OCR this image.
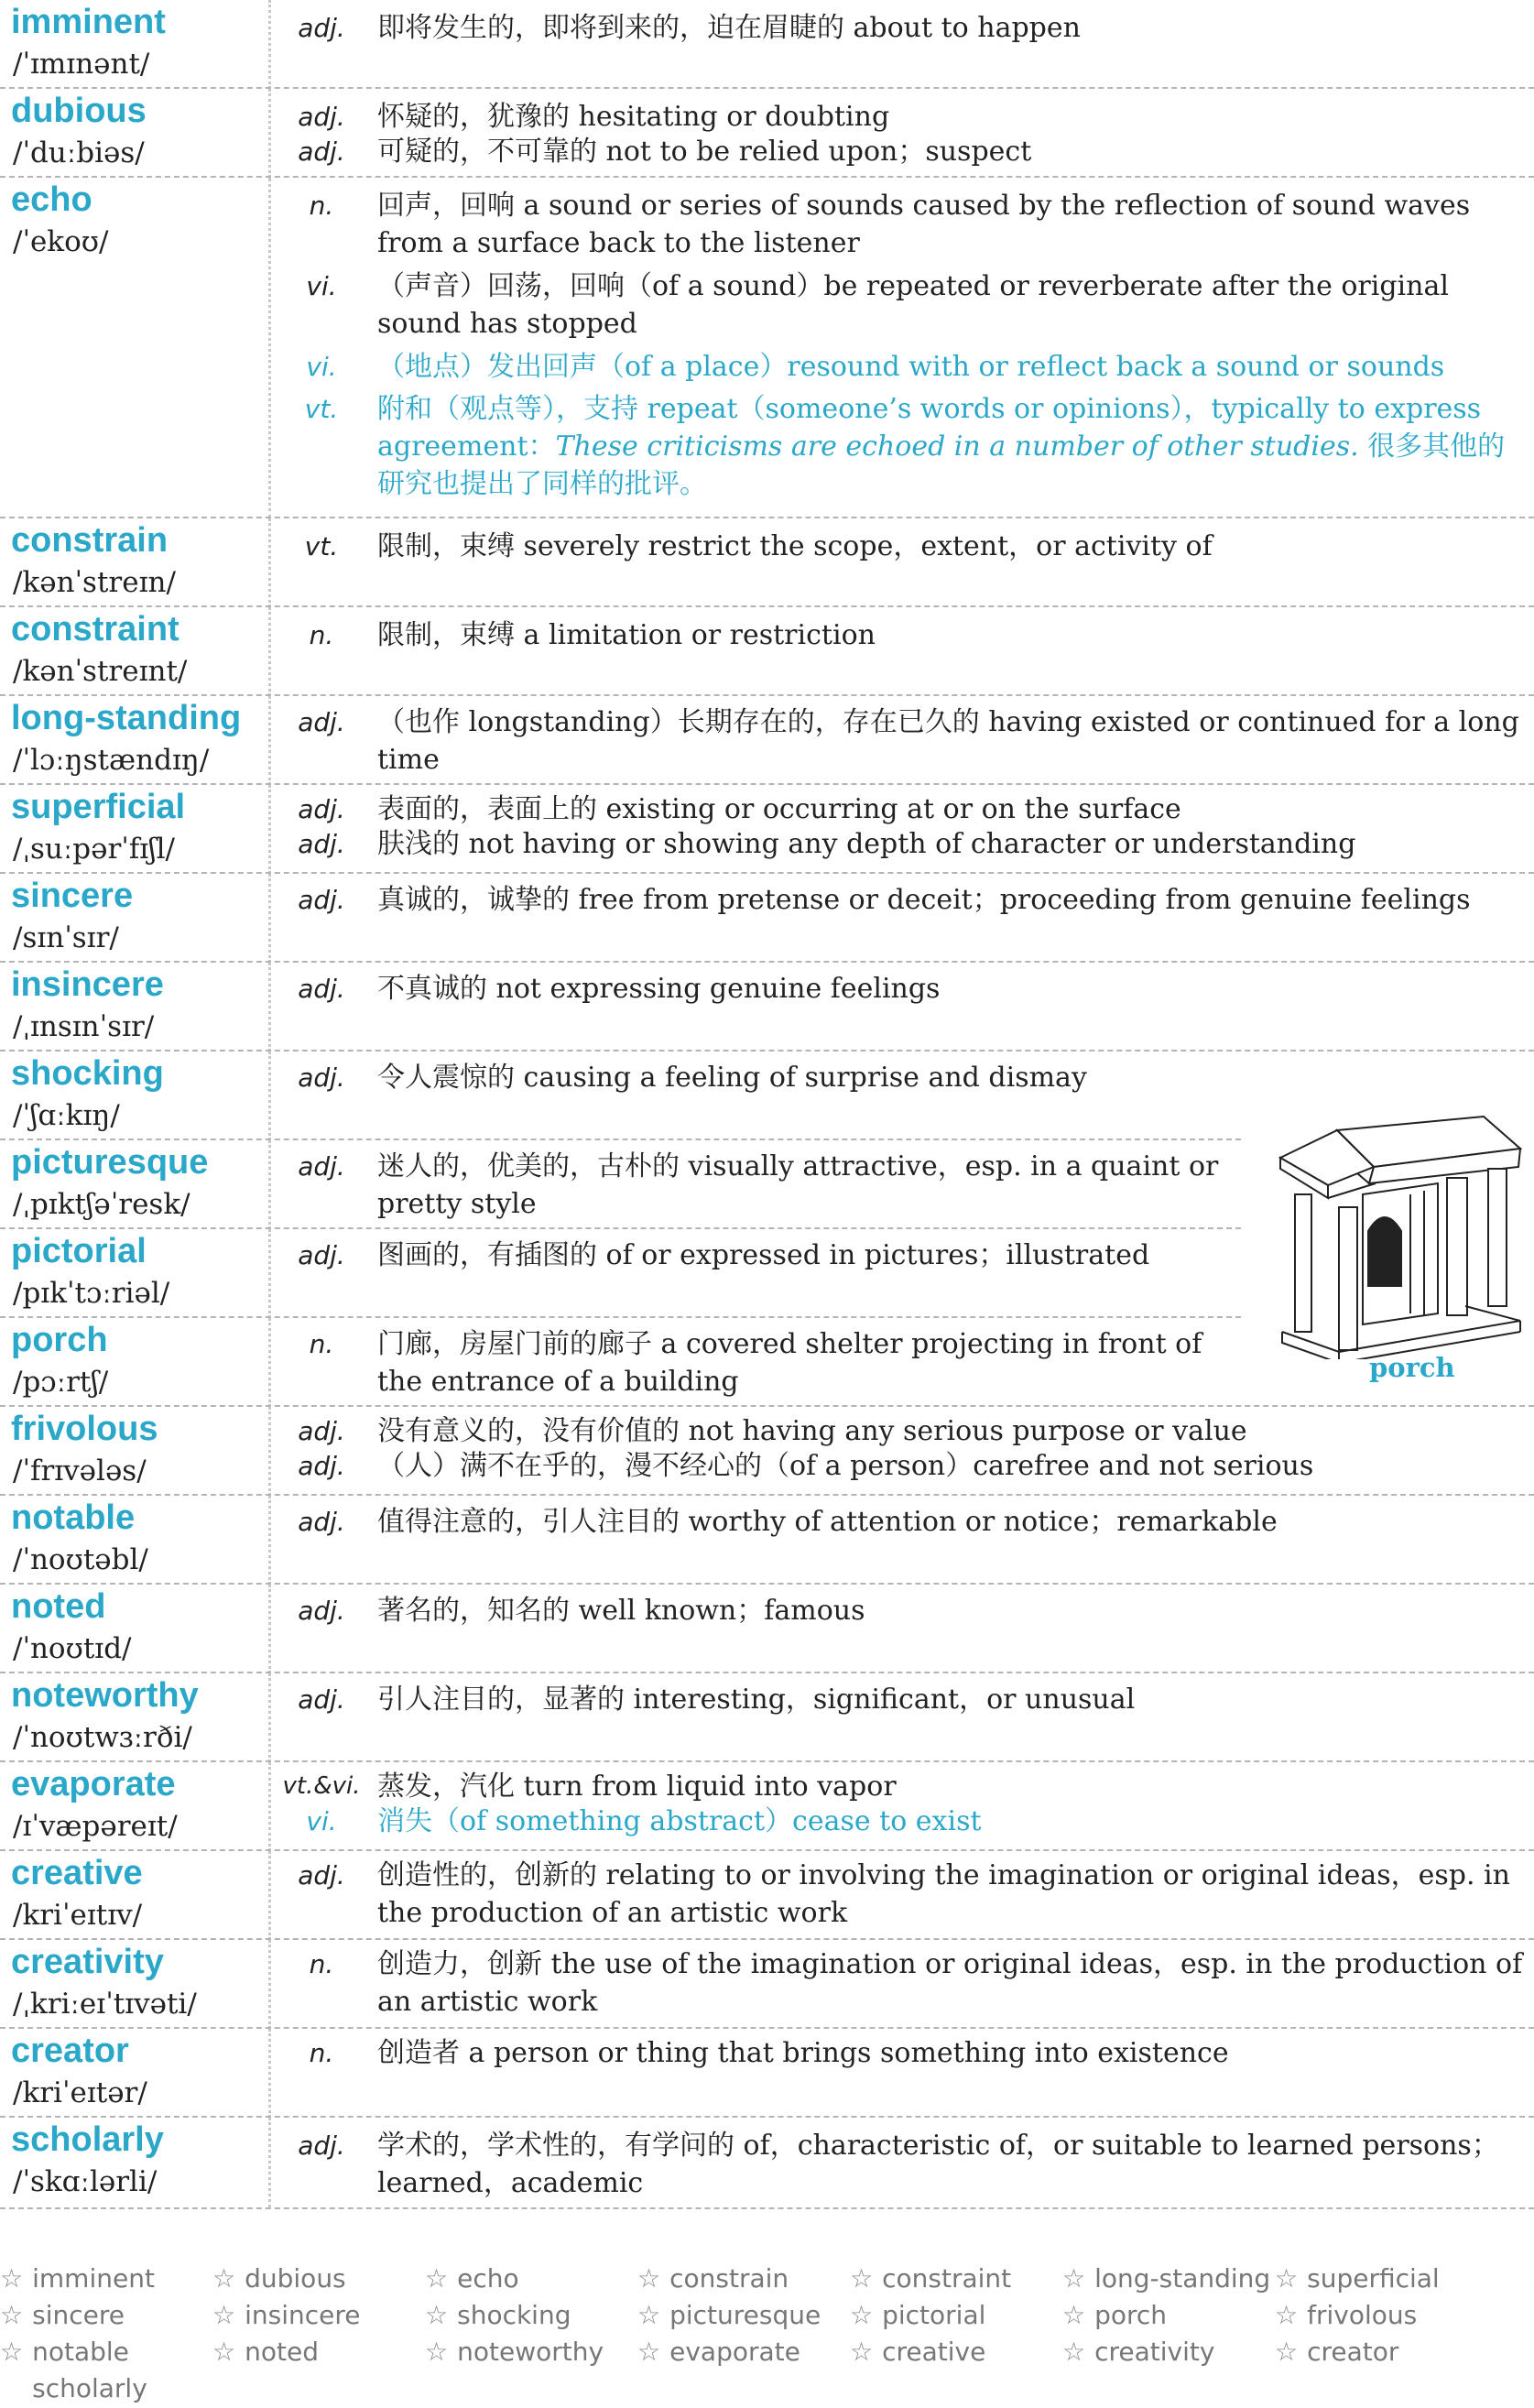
imminent
/ˈɪmɪnənt/
adj.	即将发生的，即将到来的，迫在眉睫的 about to happen
dubious
/ˈduːbiəs/
adj.	怀疑的，犹豫的 hesitating or doubting
adj.	可疑的，不可靠的 not to be relied upon；suspect
echo
/ˈekoʊ/
n.	回声，回响 a sound or series of sounds caused by the reflection of sound waves from a surface back to the listener
vi.	（声音）回荡，回响（of a sound）be repeated or reverberate after the original sound has stopped
vi.	（地点）发出回声（of a place）resound with or reflect back a sound or sounds
vt.	附和（观点等），支持 repeat（someone’s words or opinions），typically to express agreement：These criticisms are echoed in a number of other studies. 很多其他的研究也提出了同样的批评。
constrain
/kənˈstreɪn/
vt.	限制，束缚 severely restrict the scope，extent，or activity of
constraint
/kənˈstreɪnt/
n.	限制，束缚 a limitation or restriction
long-standing
/ˈlɔːŋstændɪŋ/
adj.	（也作 longstanding）长期存在的，存在已久的 having existed or continued for a long time
superficial
/ˌsuːpərˈfɪʃl/
adj.	表面的，表面上的 existing or occurring at or on the surface
adj.	肤浅的 not having or showing any depth of character or understanding
sincere
/sɪnˈsɪr/
adj.	真诚的，诚挚的 free from pretense or deceit；proceeding from genuine feelings
insincere
/ˌɪnsɪnˈsɪr/
adj.	不真诚的 not expressing genuine feelings
shocking
/ˈʃɑːkɪŋ/
adj.	令人震惊的 causing a feeling of surprise and dismay
picturesque
/ˌpɪktʃəˈresk/
adj.	迷人的，优美的，古朴的 visually attractive，esp. in a quaint or pretty style
pictorial
/pɪkˈtɔːriəl/
adj.	图画的，有插图的 of or expressed in pictures；illustrated
porch
/pɔːrtʃ/
n.	门廊，房屋门前的廊子 a covered shelter projecting in front of the entrance of a building
frivolous
/ˈfrɪvələs/
adj.	没有意义的，没有价值的 not having any serious purpose or value
adj.	（人）满不在乎的，漫不经心的（of a person）carefree and not serious
notable
/ˈnoʊtəbl/
adj.	值得注意的，引人注目的 worthy of attention or notice；remarkable
noted
/ˈnoʊtɪd/
adj.	著名的，知名的 well known；famous
noteworthy
/ˈnoʊtwɜːrði/
adj.	引人注目的，显著的 interesting，significant，or unusual
evaporate
/ɪˈvæpəreɪt/
vt.&vi. 蒸发，汽化 turn from liquid into vapor
vi.	消失（of something abstract）cease to exist
creative
/kriˈeɪtɪv/
adj.	创造性的，创新的 relating to or involving the imagination or original ideas，esp. in the production of an artistic work
creativity
/ˌkriːeɪˈtɪvəti/
n.	创造力，创新 the use of the imagination or original ideas，esp. in the production of an artistic work
creator
/kriˈeɪtər/
n.	创造者 a person or thing that brings something into existence
scholarly
/ˈskɑːlərli/
adj.	学术的，学术性的，有学问的 of，characteristic of，or suitable to learned persons；learned，academic
porch
☆ imminent ☆ dubious	☆ echo	☆ constrain ☆ constraint ☆ long-standing ☆ superficial
☆ sincere	☆ insincere	☆ shocking	☆ picturesque ☆ pictorial	☆ porch	☆ frivolous
☆ notable	☆ noted	☆ noteworthy ☆ evaporate ☆ creative	☆ creativity ☆ creator
scholarly
